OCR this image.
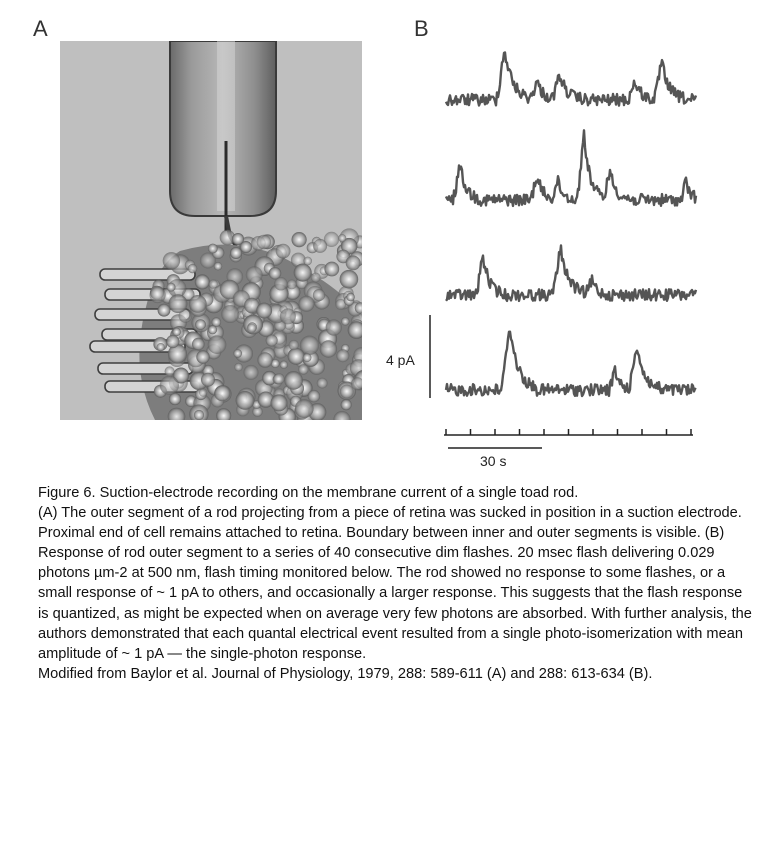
A	B
4 pA
30 s

Figure 6. Suction-electrode recording on the membrane current of a single toad rod.

(A) The outer segment of a rod projecting from a piece of retina was sucked in position in a suction electrode. Proximal end of cell remains attached to retina. Boundary between inner and outer segments is visible. (B) Response of rod outer segment to a series of 40 consecutive dim flashes. 20 msec flash delivering 0.029 photons µm-2 at 500 nm, flash timing monitored below. The rod showed no response to some flashes, or a small response of ~ 1 pA to others, and occasionally a larger response. This suggests that the flash response is quantized, as might be expected when on average very few photons are absorbed. With further analysis, the authors demonstrated that each quantal electrical event resulted from a single photo-isomerization with mean amplitude of ~ 1 pA — the single-photon response.

Modified from Baylor et al. Journal of Physiology, 1979, 288: 589-611 (A) and 288: 613-634 (B).
